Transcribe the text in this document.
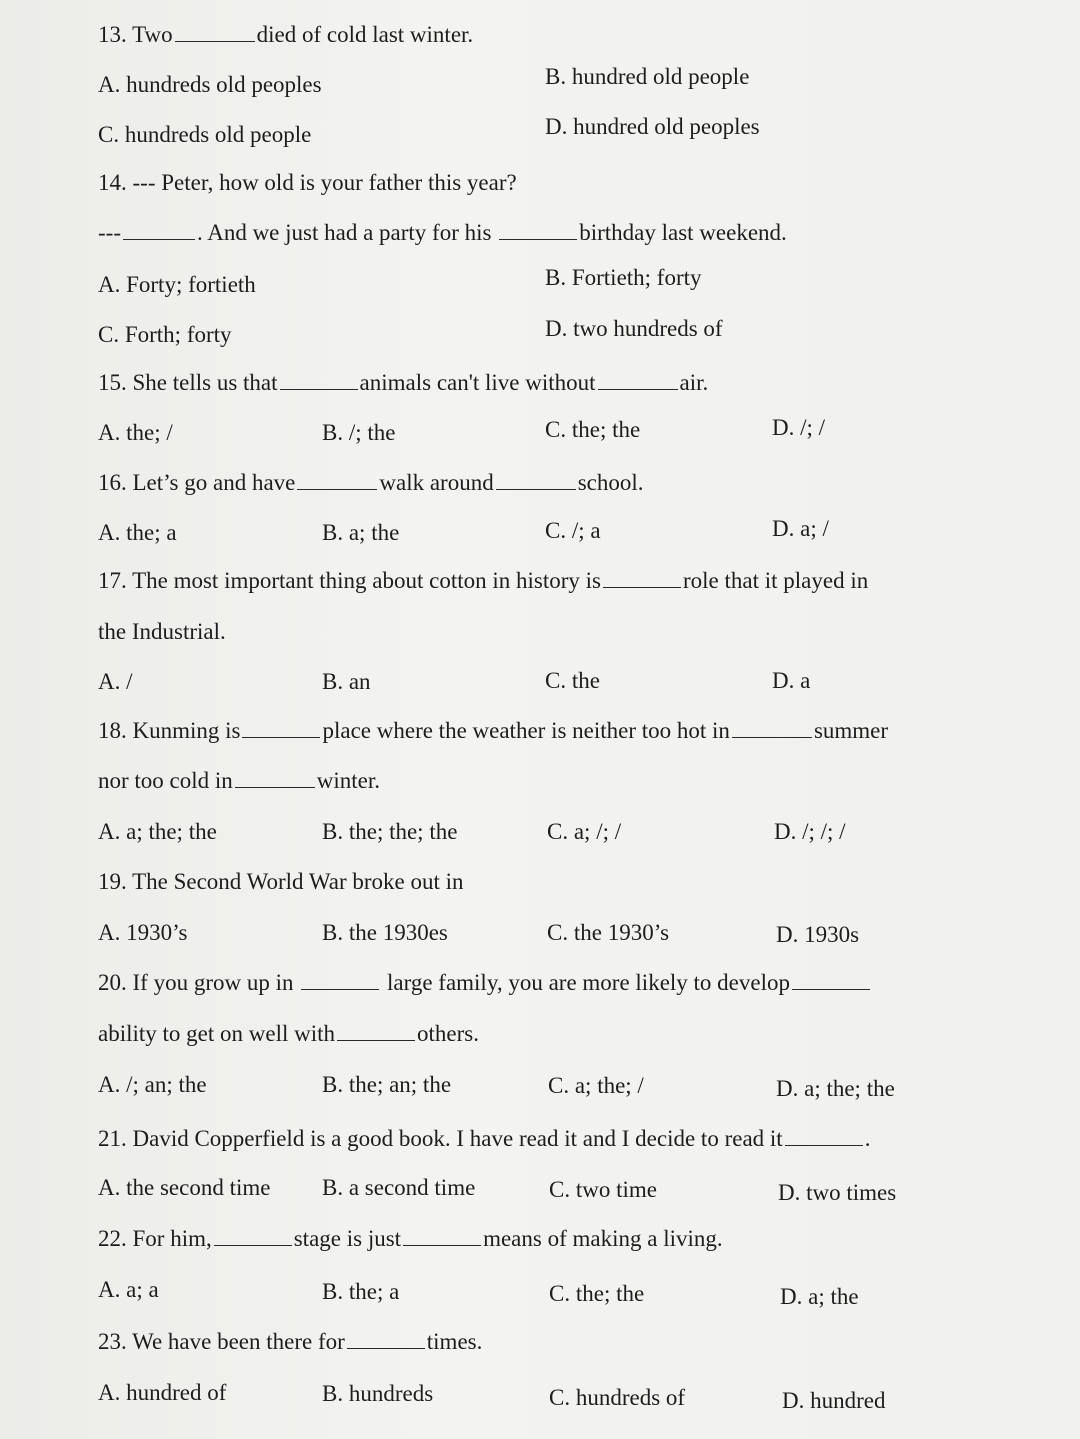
13. Two	died of cold last winter.
A. hundreds old peoples	B. hundred old people
C. hundreds old people	D. hundred old peoples
14. --- Peter, how old is your father this year?
---	. And we just had a party for his	birthday last weekend.
A. Forty; fortieth	B. Fortieth; forty
C. Forth; forty	D. two hundreds of
15. She tells us that	animals can't live without	air.
A. the; /	B. /; the	C. the; the	D. /; /
16. Let’s go and have	walk around	school.
A. the; a	B. a; the	C. /; a	D. a; /
17. The most important thing about cotton in history is	role that it played in
the Industrial.
A. /	B. an	C. the	D. a
18. Kunming is	place where the weather is neither too hot in	summer
nor too cold in	winter.
A. a; the; the	B. the; the; the	C. a; /; /	D. /; /; /
19. The Second World War broke out in
A. 1930’s	B. the 1930es	C. the 1930’s	D. 1930s
20. If you grow up in	large family, you are more likely to develop
ability to get on well with	others.
A. /; an; the	B. the; an; the	C. a; the; /	D. a; the; the
21. David Copperfield is a good book. I have read it and I decide to read it	.
A. the second time B. a second time	C. two time	D. two times
22. For him,	stage is just	means of making a living.
A. a; a	B. the; a	C. the; the	D. a; the
23. We have been there for	times.
A. hundred of	B. hundreds	C. hundreds of	D. hundred
